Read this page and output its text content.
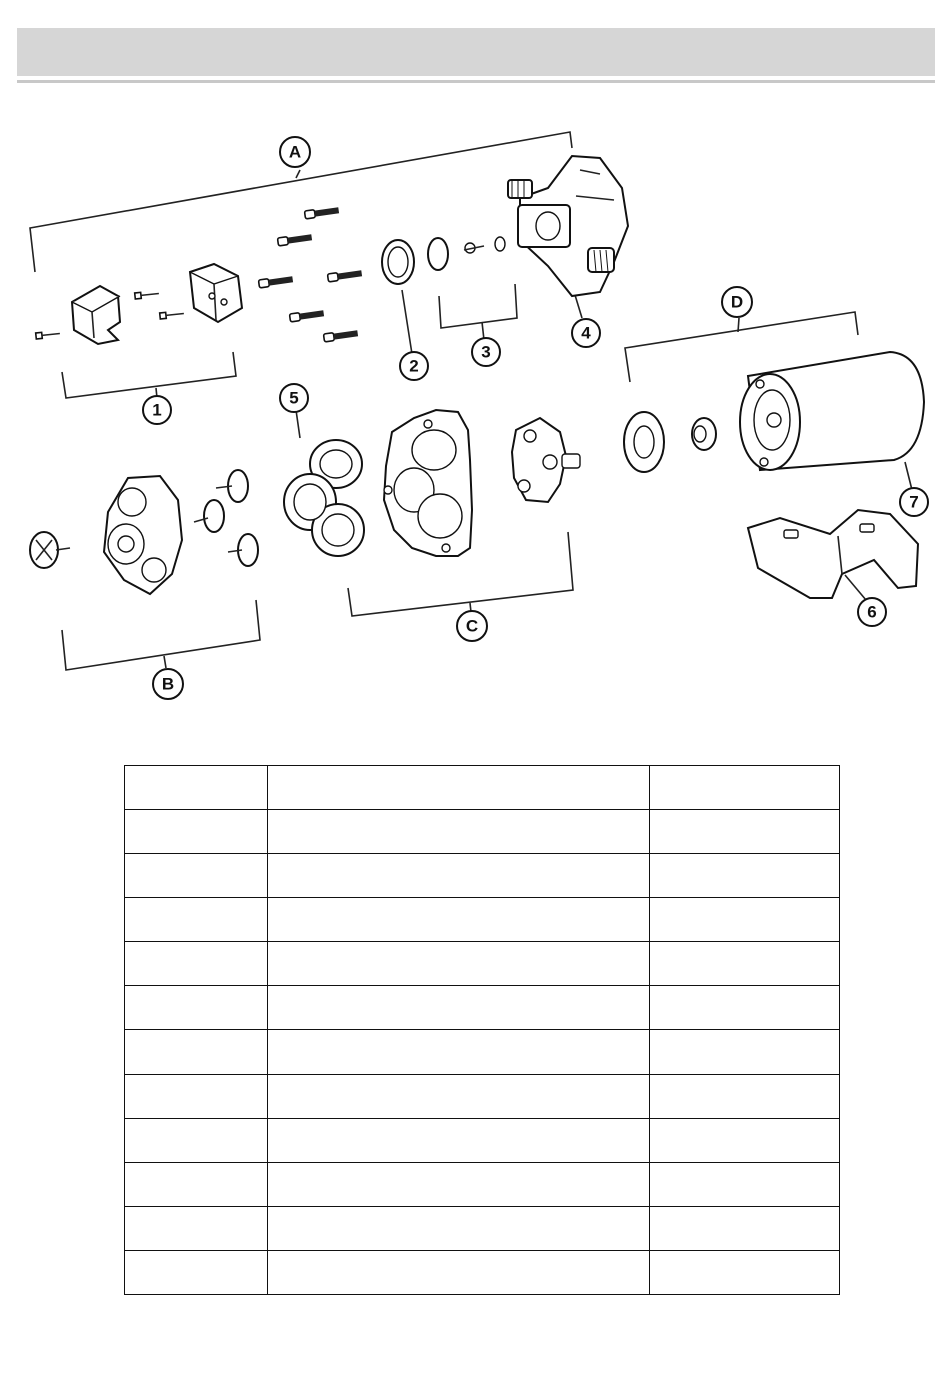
A
1
2
3
4
D
5
7
6
C
B
